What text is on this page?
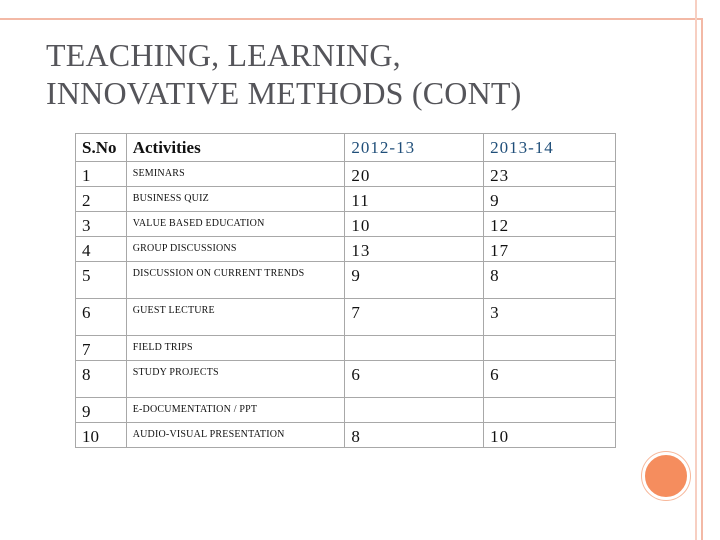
TEACHING, LEARNING,
INNOVATIVE METHODS (CONT)
S.No	Activities	2012-13	2013-14
1	SEMINARS	20	23
2	BUSINESS QUIZ	11	9
3	VALUE BASED EDUCATION	10	12
4	GROUP DISCUSSIONS	13	17
5	DISCUSSION ON CURRENT TRENDS	9	8
6	GUEST LECTURE	7	3
7	FIELD TRIPS		
8	STUDY PROJECTS	6	6
9	E-DOCUMENTATION / PPT		
10	AUDIO-VISUAL PRESENTATION	8	10
